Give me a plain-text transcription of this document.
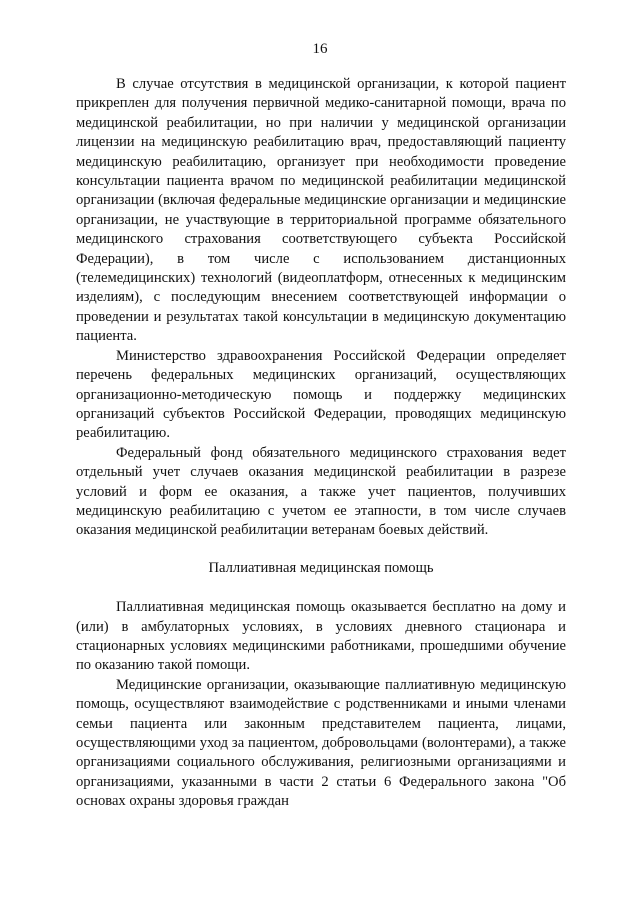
16

В случае отсутствия в медицинской организации, к которой пациент прикреплен для получения первичной медико-санитарной помощи, врача по медицинской реабилитации, но при наличии у медицинской организации лицензии на медицинскую реабилитацию врач, предоставляющий пациенту медицинскую реабилитацию, организует при необходимости проведение консультации пациента врачом по медицинской реабилитации медицинской организации (включая федеральные медицинские организации и медицинские организации, не участвующие в территориальной программе обязательного медицинского страхования соответствующего субъекта Российской Федерации), в том числе с использованием дистанционных (телемедицинских) технологий (видеоплатформ, отнесенных к медицинским изделиям), с последующим внесением соответствующей информации о проведении и результатах такой консультации в медицинскую документацию пациента.

Министерство здравоохранения Российской Федерации определяет перечень федеральных медицинских организаций, осуществляющих организационно-методическую помощь и поддержку медицинских организаций субъектов Российской Федерации, проводящих медицинскую реабилитацию.

Федеральный фонд обязательного медицинского страхования ведет отдельный учет случаев оказания медицинской реабилитации в разрезе условий и форм ее оказания, а также учет пациентов, получивших медицинскую реабилитацию с учетом ее этапности, в том числе случаев оказания медицинской реабилитации ветеранам боевых действий.

Паллиативная медицинская помощь

Паллиативная медицинская помощь оказывается бесплатно на дому и (или) в амбулаторных условиях, в условиях дневного стационара и стационарных условиях медицинскими работниками, прошедшими обучение по оказанию такой помощи.

Медицинские организации, оказывающие паллиативную медицинскую помощь, осуществляют взаимодействие с родственниками и иными членами семьи пациента или законным представителем пациента, лицами, осуществляющими уход за пациентом, добровольцами (волонтерами), а также организациями социального обслуживания, религиозными организациями и организациями, указанными в части 2 статьи 6 Федерального закона "Об основах охраны здоровья граждан
